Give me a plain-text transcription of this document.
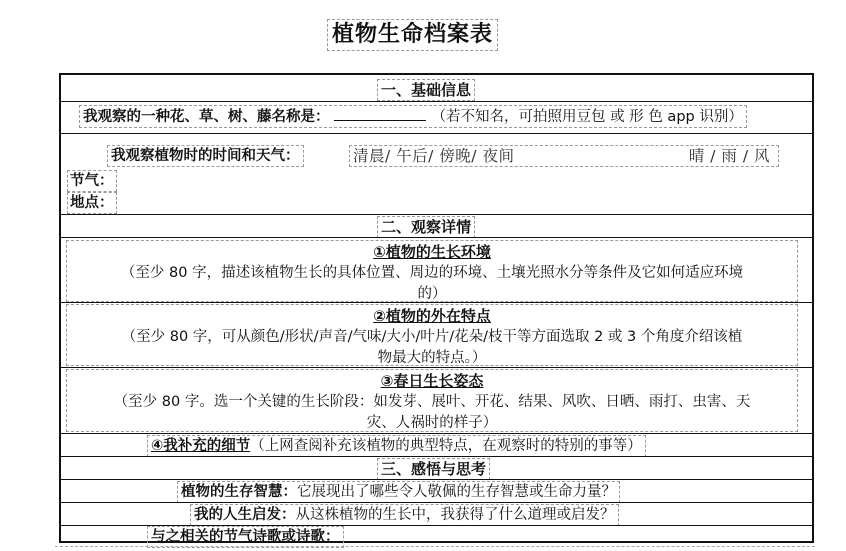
植物生命档案表
一、基础信息
我观察的一种花、草、树、藤名称是：	（若不知名，可拍照用豆包 或 形 色 app 识别）
我观察植物时的时间和天气：	清晨/ 午后/ 傍晚/ 夜间	晴 / 雨 / 风
节气：
地点：
二、观察详情
①植物的生长环境
（至少 80 字，描述该植物生长的具体位置、周边的环境、土壤光照水分等条件及它如何适应环境
的）
②植物的外在特点
（至少 80 字，可从颜色/形状/声音/气味/大小/叶片/花朵/枝干等方面选取 2 或 3 个角度介绍该植
物最大的特点。）
③春日生长姿态
（至少 80 字。选一个关键的生长阶段：如发芽、展叶、开花、结果、风吹、日晒、雨打、虫害、天
灾、人祸时的样子）
④我补充的细节（上网查阅补充该植物的典型特点，在观察时的特别的事等）
三、感悟与思考
植物的生存智慧：它展现出了哪些令人敬佩的生存智慧或生命力量？
我的人生启发：从这株植物的生长中，我获得了什么道理或启发？
与之相关的节气诗歌或诗歌：
